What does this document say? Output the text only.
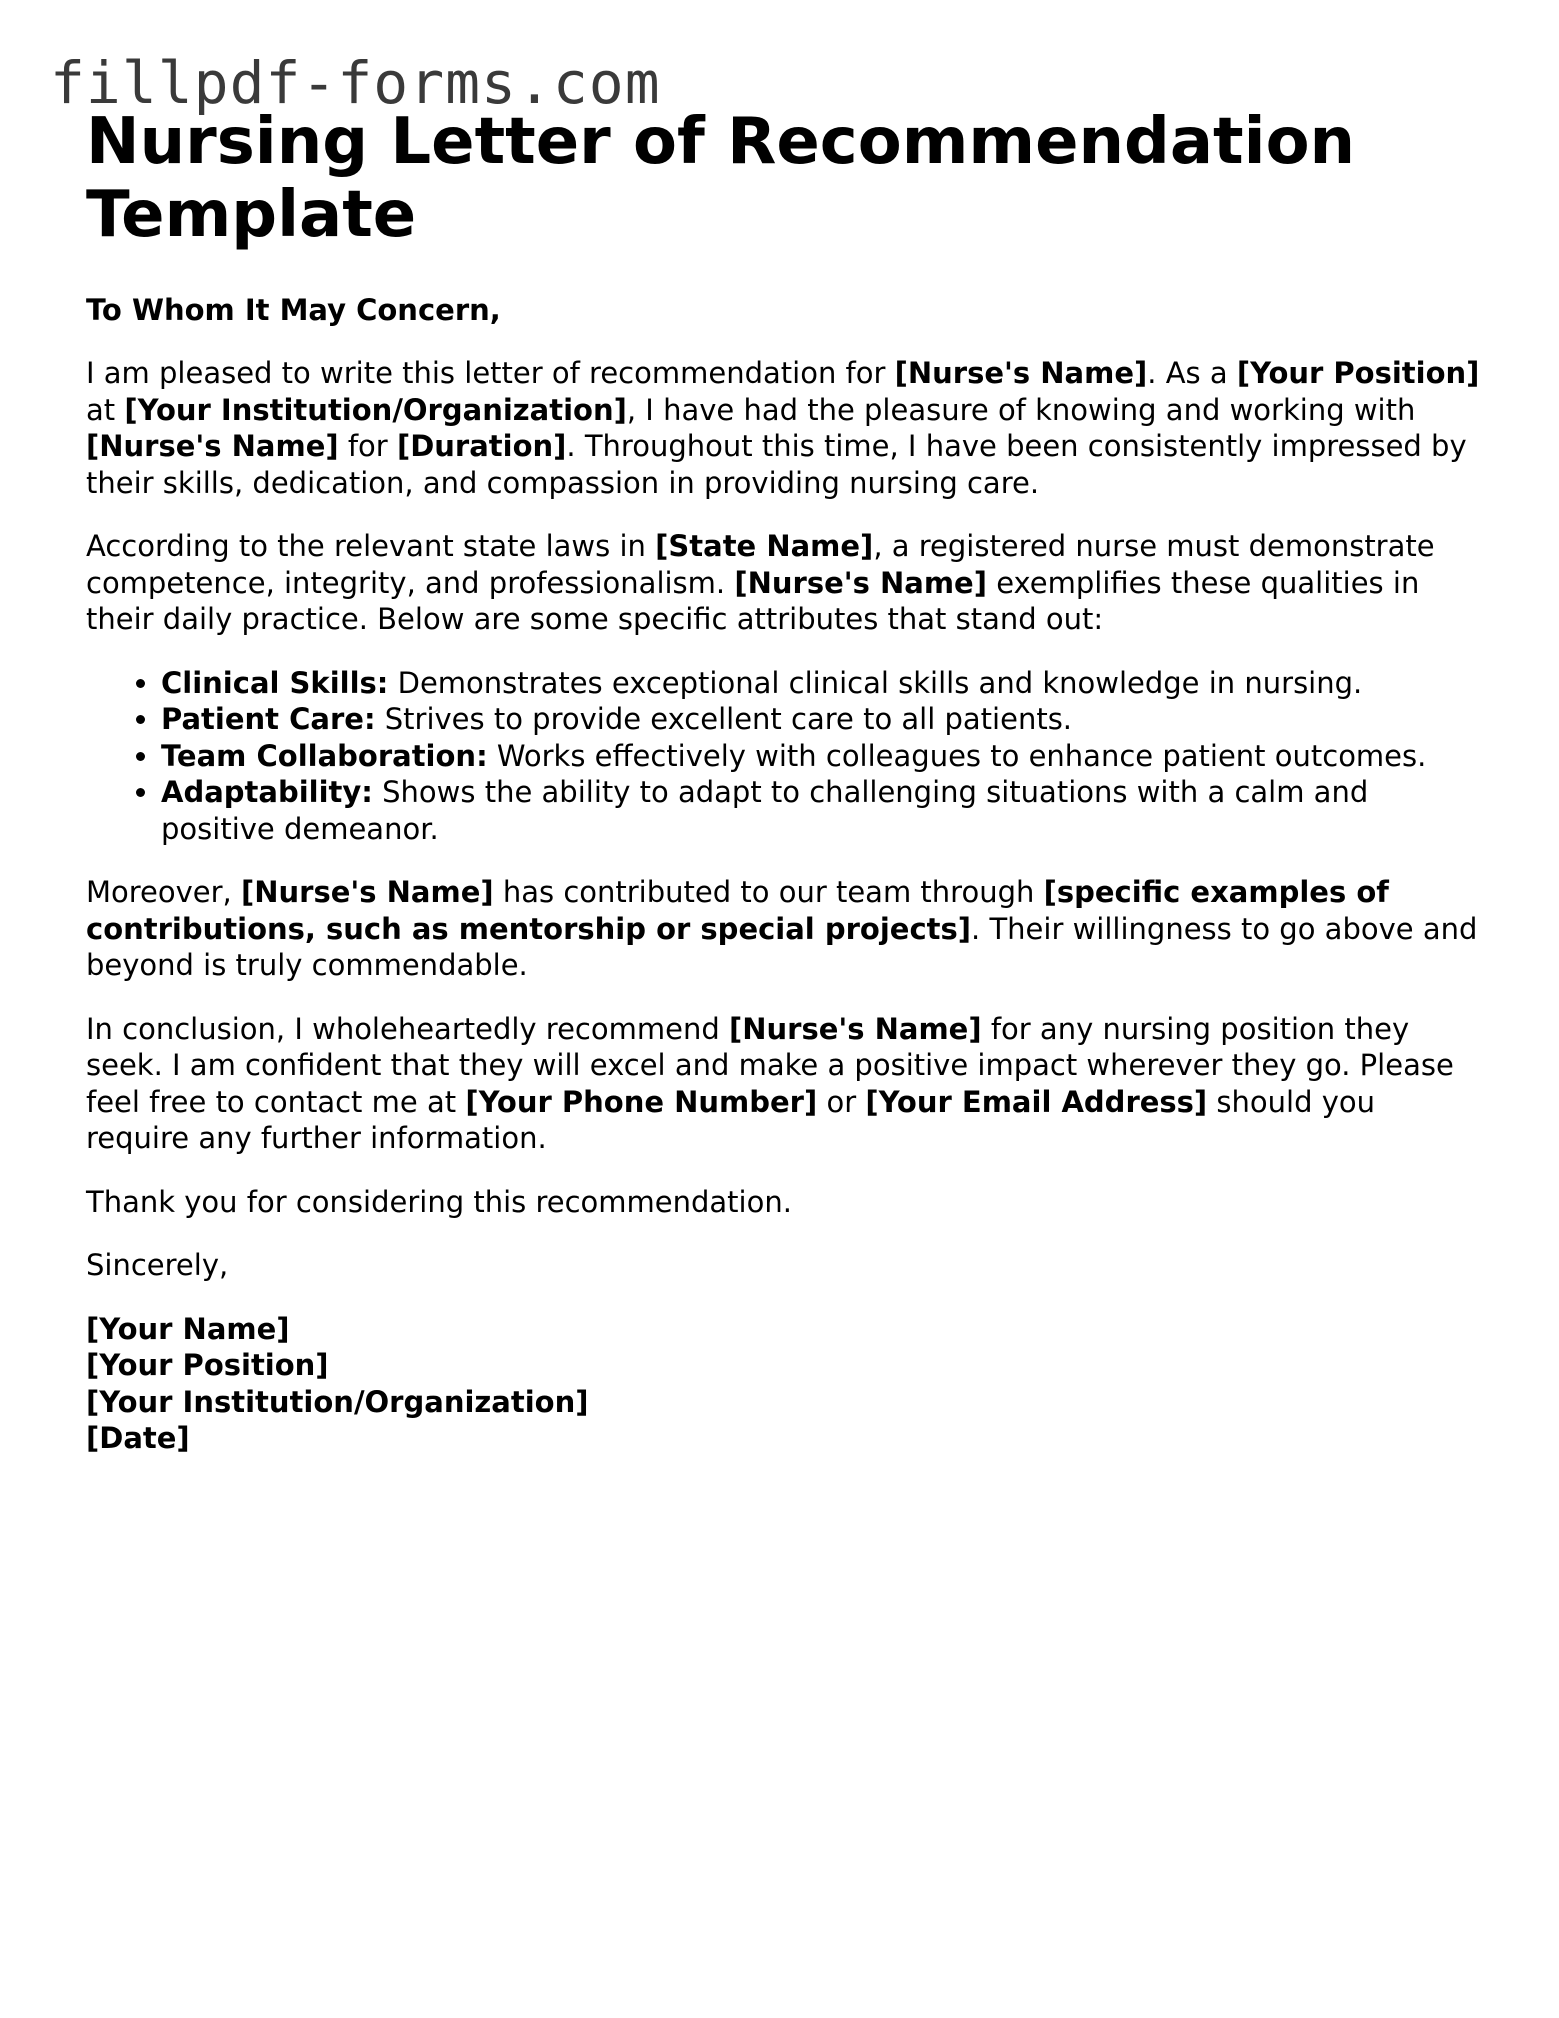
fillpdf-forms.com
Nursing Letter of Recommendation Template
To Whom It May Concern,

I am pleased to write this letter of recommendation for [Nurse's Name]. As a [Your Position] at [Your Institution/Organization], I have had the pleasure of knowing and working with [Nurse's Name] for [Duration]. Throughout this time, I have been consistently impressed by their skills, dedication, and compassion in providing nursing care.

According to the relevant state laws in [State Name], a registered nurse must demonstrate competence, integrity, and professionalism. [Nurse's Name] exemplifies these qualities in their daily practice. Below are some specific attributes that stand out:

• Clinical Skills: Demonstrates exceptional clinical skills and knowledge in nursing.
• Patient Care: Strives to provide excellent care to all patients.
• Team Collaboration: Works effectively with colleagues to enhance patient outcomes.
• Adaptability: Shows the ability to adapt to challenging situations with a calm and positive demeanor.

Moreover, [Nurse's Name] has contributed to our team through [specific examples of contributions, such as mentorship or special projects]. Their willingness to go above and beyond is truly commendable.

In conclusion, I wholeheartedly recommend [Nurse's Name] for any nursing position they seek. I am confident that they will excel and make a positive impact wherever they go. Please feel free to contact me at [Your Phone Number] or [Your Email Address] should you require any further information.

Thank you for considering this recommendation.

Sincerely,

[Your Name]
[Your Position]
[Your Institution/Organization]
[Date]
